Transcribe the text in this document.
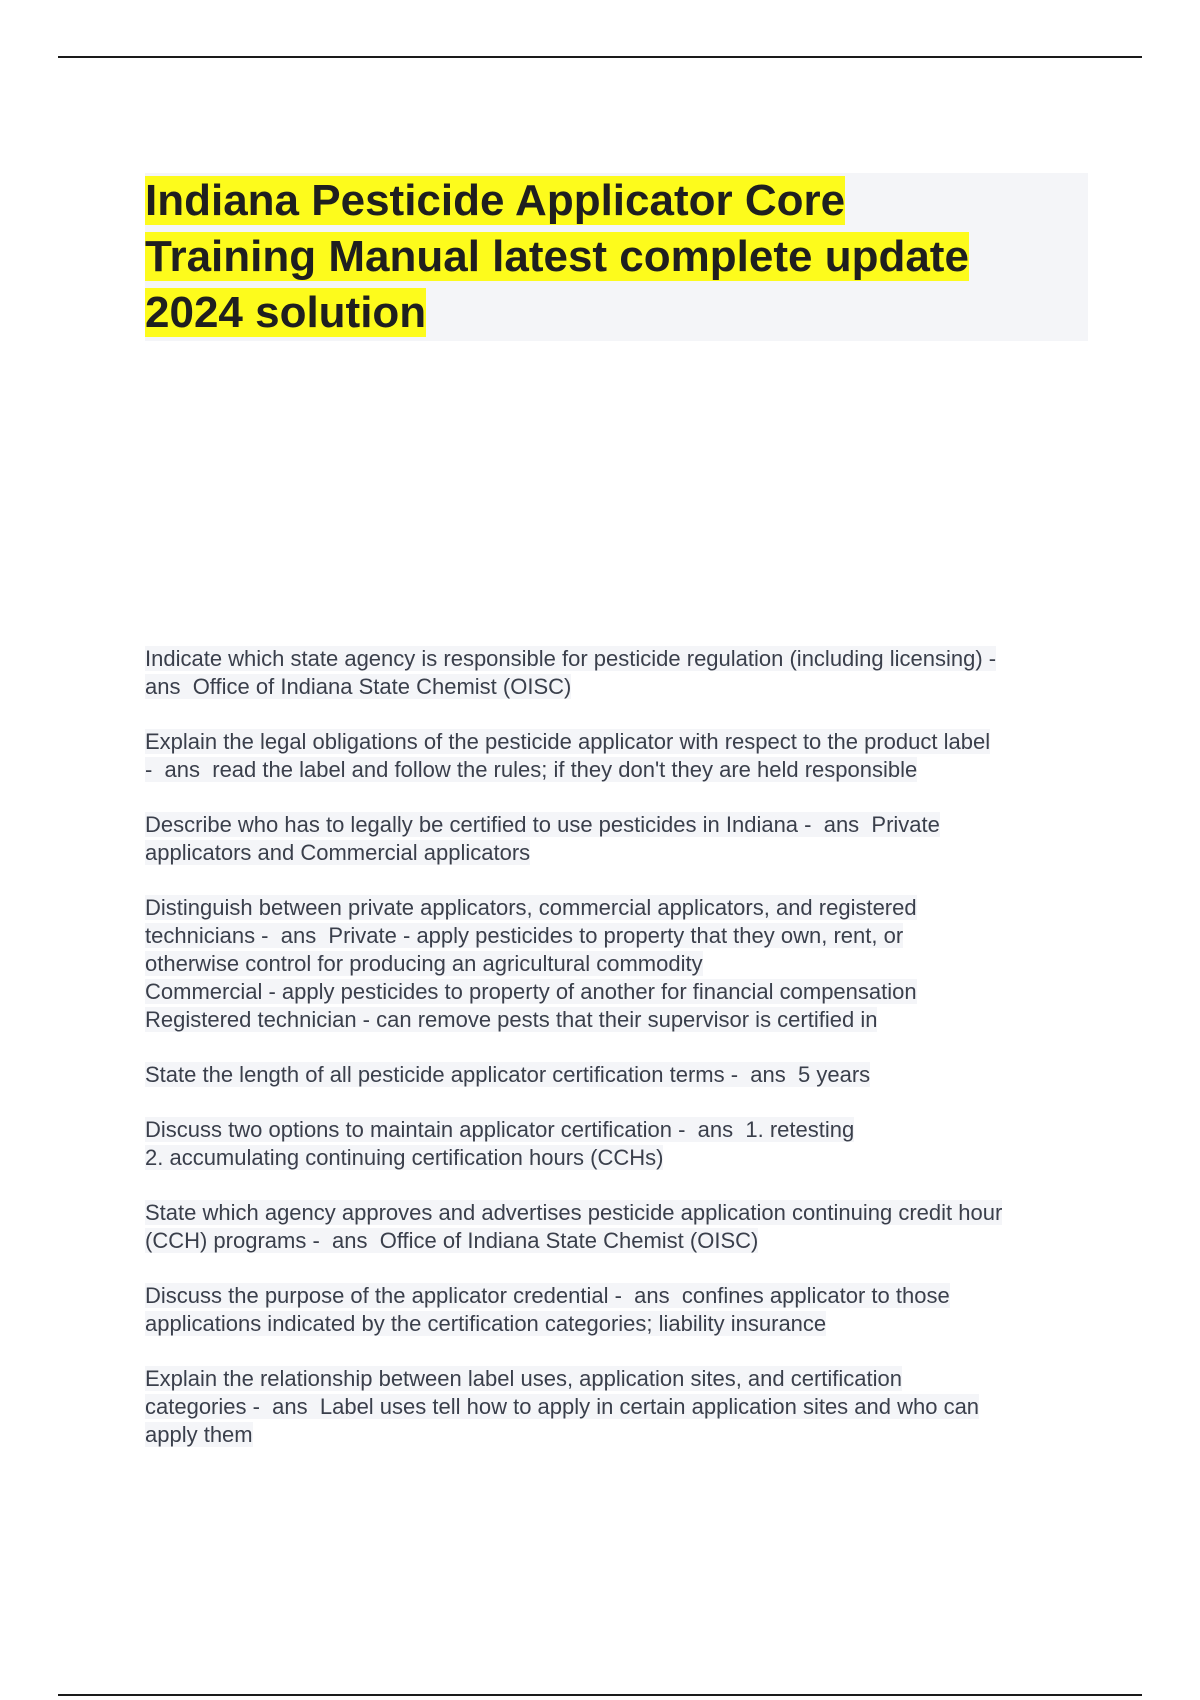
Indiana Pesticide Applicator Core
Training Manual latest complete update
2024 solution

Indicate which state agency is responsible for pesticide regulation (including licensing) -
ans  Office of Indiana State Chemist (OISC)

Explain the legal obligations of the pesticide applicator with respect to the product label
-  ans  read the label and follow the rules; if they don't they are held responsible

Describe who has to legally be certified to use pesticides in Indiana -  ans  Private
applicators and Commercial applicators

Distinguish between private applicators, commercial applicators, and registered
technicians -  ans  Private - apply pesticides to property that they own, rent, or
otherwise control for producing an agricultural commodity
Commercial - apply pesticides to property of another for financial compensation
Registered technician - can remove pests that their supervisor is certified in

State the length of all pesticide applicator certification terms -  ans  5 years

Discuss two options to maintain applicator certification -  ans  1. retesting
2. accumulating continuing certification hours (CCHs)

State which agency approves and advertises pesticide application continuing credit hour
(CCH) programs -  ans  Office of Indiana State Chemist (OISC)

Discuss the purpose of the applicator credential -  ans  confines applicator to those
applications indicated by the certification categories; liability insurance

Explain the relationship between label uses, application sites, and certification
categories -  ans  Label uses tell how to apply in certain application sites and who can
apply them
